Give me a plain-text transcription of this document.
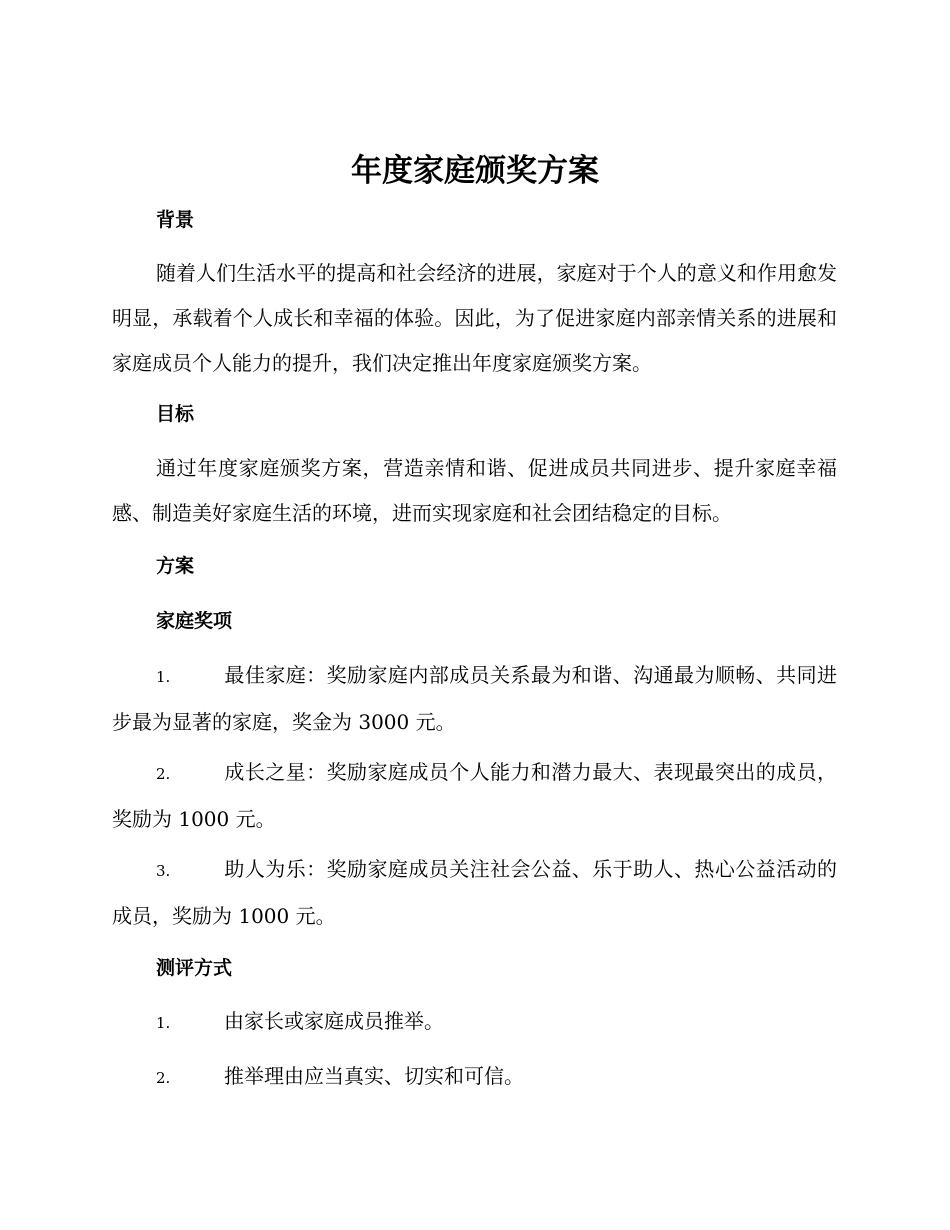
年度家庭颁奖方案
背景

随着人们生活水平的提高和社会经济的进展，家庭对于个人的意义和作用愈发明显，承载着个人成长和幸福的体验。因此，为了促进家庭内部亲情关系的进展和家庭成员个人能力的提升，我们决定推出年度家庭颁奖方案。

目标

通过年度家庭颁奖方案，营造亲情和谐、促进成员共同进步、提升家庭幸福感、制造美好家庭生活的环境，进而实现家庭和社会团结稳定的目标。

方案
家庭奖项

1.	最佳家庭：奖励家庭内部成员关系最为和谐、沟通最为顺畅、共同进步最为显著的家庭，奖金为 3000 元。

2.	成长之星：奖励家庭成员个人能力和潜力最大、表现最突出的成员，奖励为 1000 元。

3.	助人为乐：奖励家庭成员关注社会公益、乐于助人、热心公益活动的成员，奖励为 1000 元。

测评方式

1.	由家长或家庭成员推举。

2.	推举理由应当真实、切实和可信。
